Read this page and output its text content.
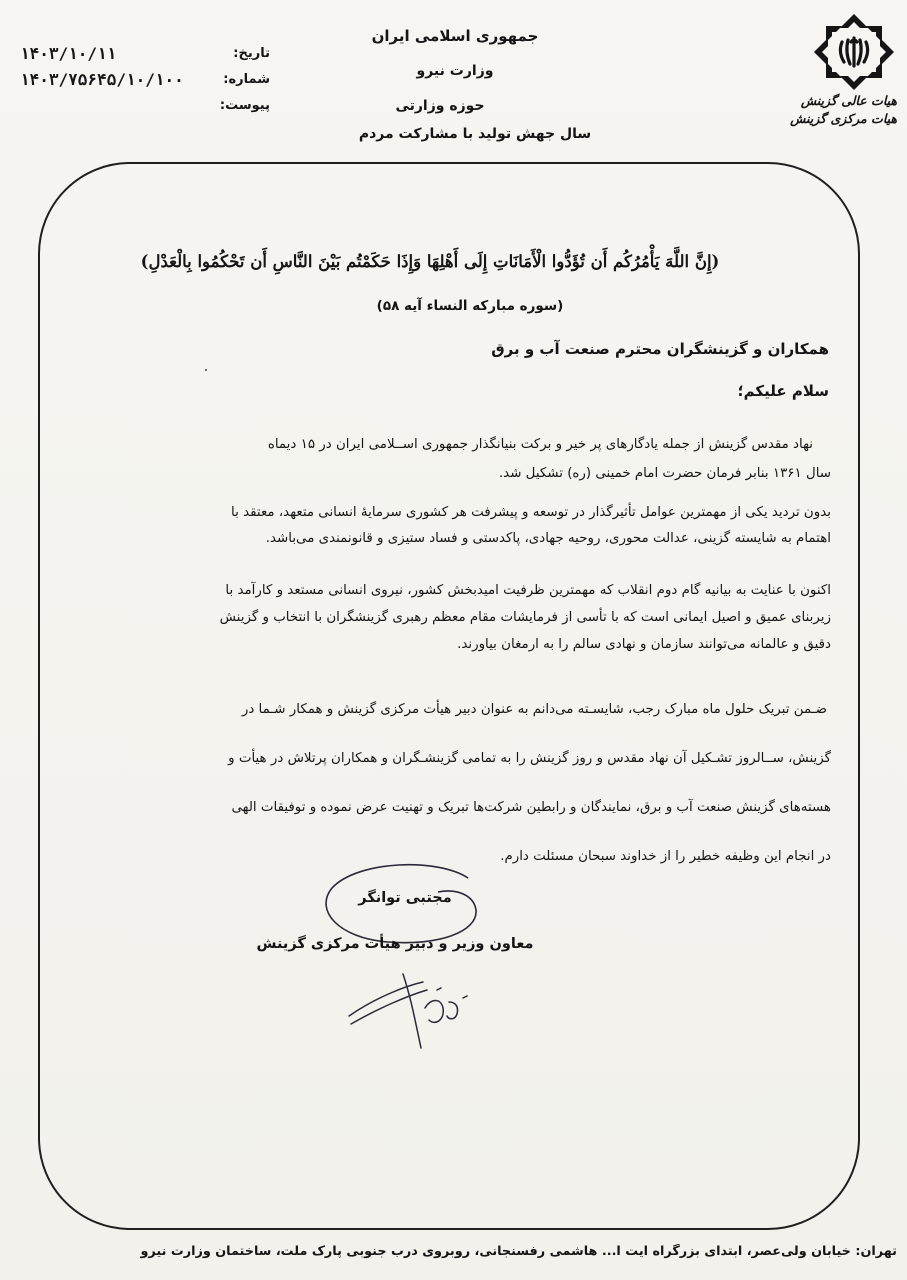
هیات عالی گزینش
هیات مرکزی گزینش
جمهوری اسلامی ایران
وزارت نیرو
حوزه وزارتی
سال جهش تولید با مشارکت مردم
تاریخ:
۱۴۰۳/۱۰/۱۱
شماره:
۱۴۰۳/۷۵۶۴۵/۱۰/۱۰۰
پیوست:
(إِنَّ اللَّهَ يَأْمُرُكُم أَن تُؤَدُّوا الْأَمَانَاتِ إِلَى أَهْلِهَا وَإِذَا حَكَمْتُم بَيْنَ النَّاسِ أَن تَحْكُمُوا بِالْعَدْلِ)
(سوره مبارکه النساء آیه ۵۸)
همکاران و گزینشگران محترم صنعت آب و برق
سلام علیکم؛
نهاد مقدس گزینش از جمله یادگارهای پر خیر و برکت بنیانگذار جمهوری اســلامی ایران در ۱۵ دیماه
سال ۱۳۶۱ بنابر فرمان حضرت امام خمینی (ره) تشکیل شد.
بدون تردید یکی از مهمترین عوامل تأثیرگذار در توسعه و پیشرفت هر کشوری سرمایهٔ انسانی متعهد، معتقد با
اهتمام به شایسته گزینی، عدالت محوری، روحیه جهادی، پاکدستی و فساد ستیزی و قانونمندی می‌باشد.
اکنون با عنایت به بیانیه گام دوم انقلاب که مهمترین ظرفیت امیدبخش کشور، نیروی انسانی مستعد و کارآمد با
زیربنای عمیق و اصیل ایمانی است که با تأسی از فرمایشات مقام معظم رهبری گزینشگران با انتخاب و گزینش
دقیق و عالمانه می‌توانند سازمان و نهادی سالم را به ارمغان بیاورند.
ضـمن تبریک حلول ماه مبارک رجب، شایسـته می‌دانم به عنوان دبیر هیأت مرکزی گزینش و همکار شـما در
گزینش، ســالروز تشـکیل آن نهاد مقدس و روز گزینش را به تمامی گزینشـگران و همکاران پرتلاش در هیأت و
هسته‌های گزینش صنعت آب و برق، نمایندگان و رابطین شرکت‌ها تبریک و تهنیت عرض نموده و توفیقات الهی
در انجام این وظیفه خطیر را از خداوند سبحان مسئلت دارم.
مجتبی توانگر
معاون وزیر و دبیر هیأت مرکزی گزینش
تهران: خیابان ولی‌عصر، ابتدای بزرگراه ایت ا... هاشمی رفسنجانی، روبروی درب جنوبی پارک ملت، ساختمان وزارت نیرو
